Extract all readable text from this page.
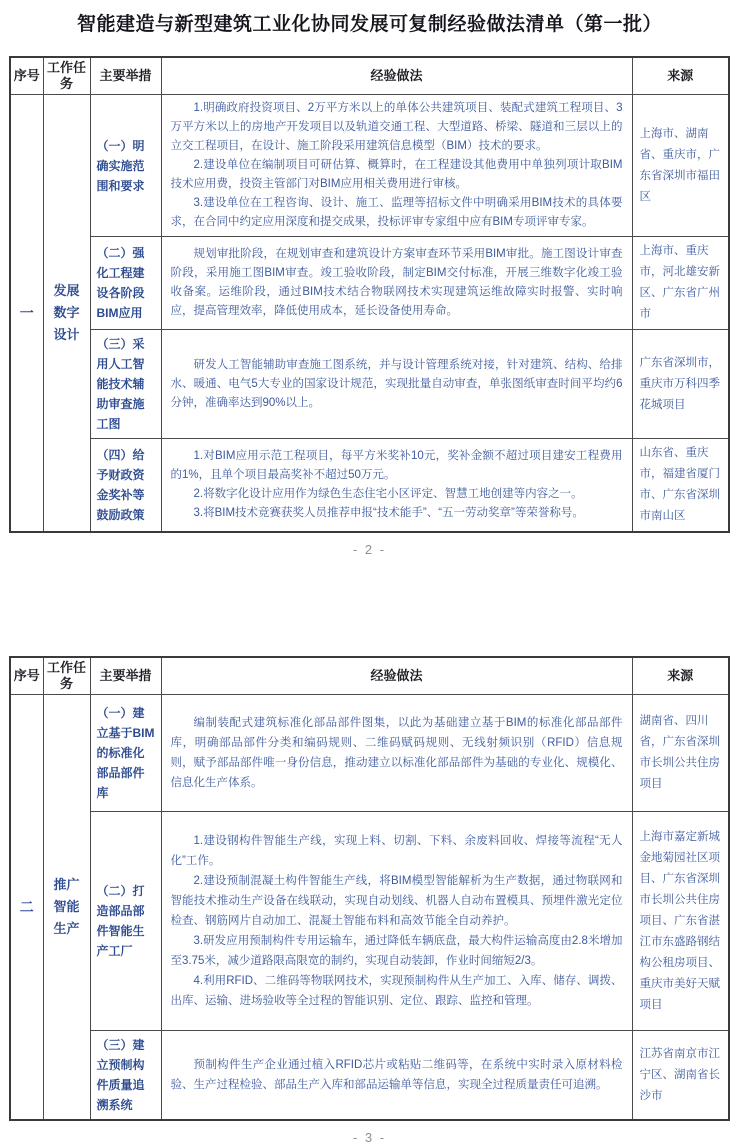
智能建造与新型建筑工业化协同发展可复制经验做法清单（第一批）
序号	工作任务	主要举措	经验做法	来源
一	发展数字设计	（一）明确实施范围和要求	1.明确政府投资项目、2万平方米以上的单体公共建筑项目、装配式建筑工程项目、3万平方米以上的房地产开发项目以及轨道交通工程、大型道路、桥梁、隧道和三层以上的立交工程项目，在设计、施工阶段采用建筑信息模型（BIM）技术的要求。

2.建设单位在编制项目可研估算、概算时，在工程建设其他费用中单独列项计取BIM技术应用费，投资主管部门对BIM应用相关费用进行审核。

3.建设单位在工程咨询、设计、施工、监理等招标文件中明确采用BIM技术的具体要求，在合同中约定应用深度和提交成果，投标评审专家组中应有BIM专项评审专家。	上海市、湖南省、重庆市，广东省深圳市福田区
		（二）强化工程建设各阶段BIM应用	规划审批阶段，在规划审查和建筑设计方案审查环节采用BIM审批。施工图设计审查阶段，采用施工图BIM审查。竣工验收阶段，制定BIM交付标准，开展三维数字化竣工验收备案。运维阶段，通过BIM技术结合物联网技术实现建筑运维故障实时报警、实时响应，提高管理效率，降低使用成本，延长设备使用寿命。	上海市、重庆市，河北雄安新区、广东省广州市
		（三）采用人工智能技术辅助审查施工图	研发人工智能辅助审查施工图系统，并与设计管理系统对接，针对建筑、结构、给排水、暖通、电气5大专业的国家设计规范，实现批量自动审查，单张图纸审查时间平均约6分钟，准确率达到90%以上。	广东省深圳市，重庆市万科四季花城项目
		（四）给予财政资金奖补等鼓励政策	1.对BIM应用示范工程项目，每平方米奖补10元，奖补金额不超过项目建安工程费用的1%，且单个项目最高奖补不超过50万元。

2.将数字化设计应用作为绿色生态住宅小区评定、智慧工地创建等内容之一。

3.将BIM技术竞赛获奖人员推荐申报“技术能手”、“五一劳动奖章”等荣誉称号。	山东省、重庆市，福建省厦门市、广东省深圳市南山区
- 2 -
序号	工作任务	主要举措	经验做法	来源
二	推广智能生产	（一）建立基于BIM的标准化部品部件库	编制装配式建筑标准化部品部件图集，以此为基础建立基于BIM的标准化部品部件库，明确部品部件分类和编码规则、二维码赋码规则、无线射频识别（RFID）信息规则，赋予部品部件唯一身份信息，推动建立以标准化部品部件为基础的专业化、规模化、信息化生产体系。	湖南省、四川省，广东省深圳市长圳公共住房项目
		（二）打造部品部件智能生产工厂	1.建设钢构件智能生产线，实现上料、切割、下料、余废料回收、焊接等流程“无人化”工作。

2.建设预制混凝土构件智能生产线，将BIM模型智能解析为生产数据，通过物联网和智能技术推动生产设备在线联动，实现自动划线、机器人自动布置模具、预埋件激光定位检查、钢筋网片自动加工、混凝土智能布料和高效节能全自动养护。

3.研发应用预制构件专用运输车，通过降低车辆底盘，最大构件运输高度由2.8米增加至3.75米，减少道路限高限宽的制约，实现自动装卸，作业时间缩短2/3。

4.利用RFID、二维码等物联网技术，实现预制构件从生产加工、入库、储存、调拨、出库、运输、进场验收等全过程的智能识别、定位、跟踪、监控和管理。	上海市嘉定新城金地菊园社区项目、广东省深圳市长圳公共住房项目、广东省湛江市东盛路钢结构公租房项目、重庆市美好天赋项目
		（三）建立预制构件质量追溯系统	预制构件生产企业通过植入RFID芯片或粘贴二维码等，在系统中实时录入原材料检验、生产过程检验、部品生产入库和部品运输单等信息，实现全过程质量责任可追溯。	江苏省南京市江宁区、湖南省长沙市
- 3 -
